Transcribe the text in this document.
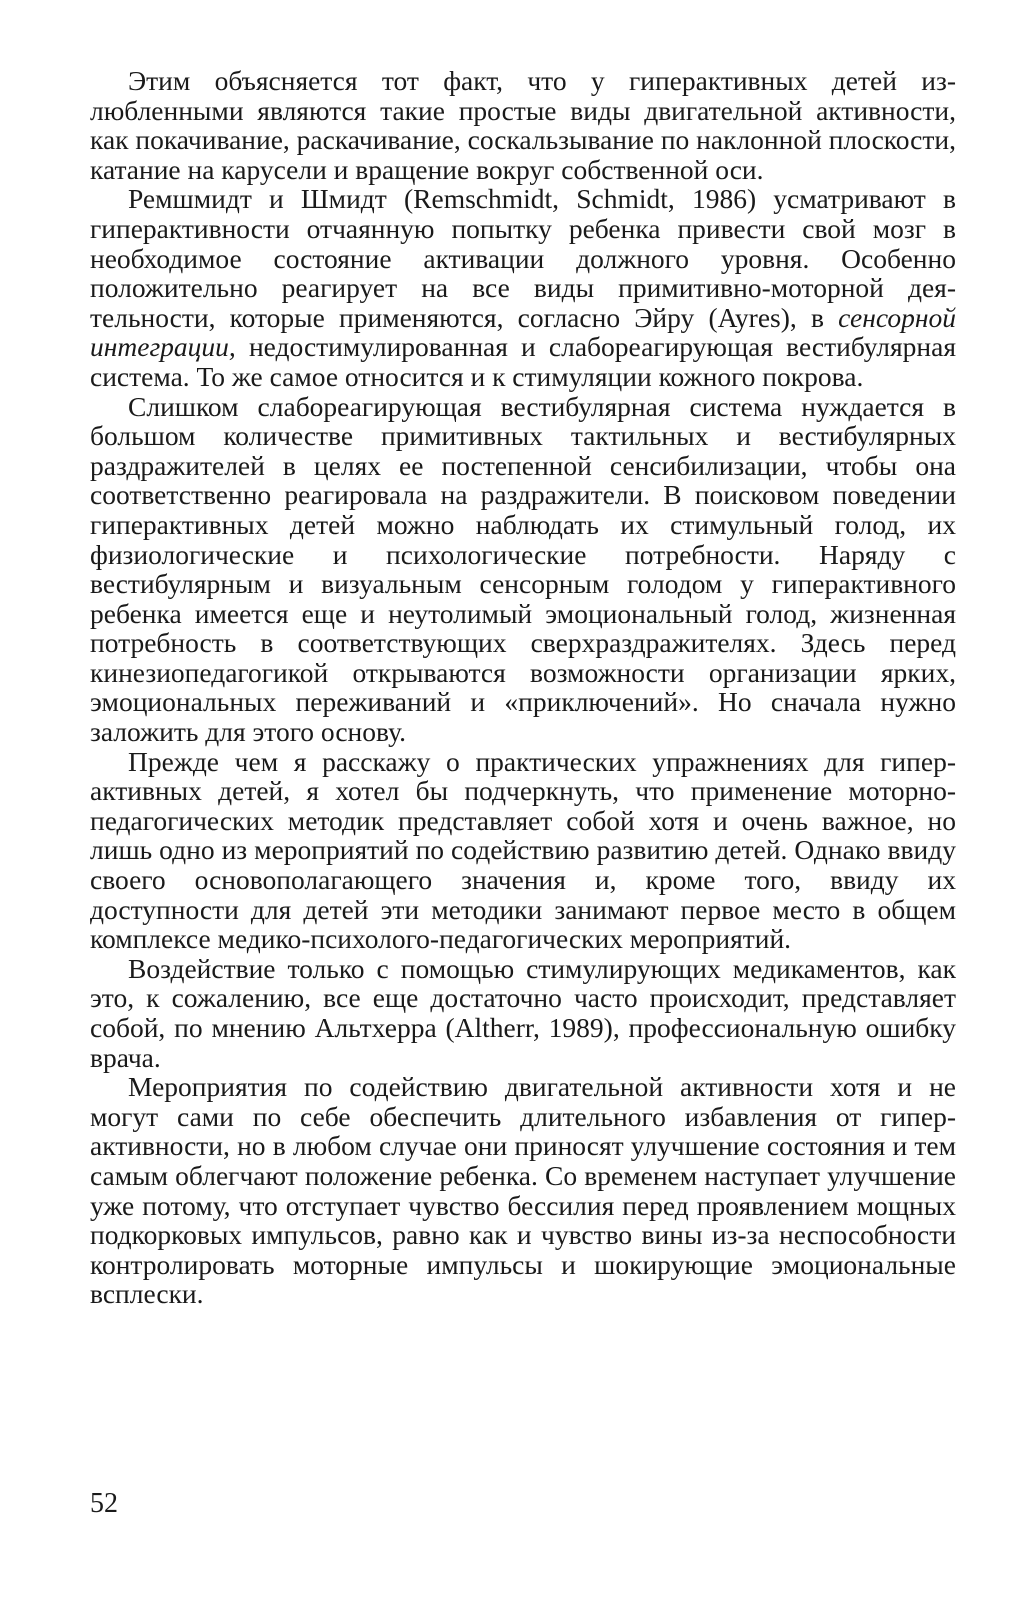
Этим объясняется тот факт, что у гиперактивных детей излюбленными являются такие простые виды двигательной активности, как покачивание, раскачивание, соскальзывание по наклонной плоскости, катание на карусели и вращение вокруг собственной оси.

Ремшмидт и Шмидт (Remschmidt, Schmidt, 1986) усматривают в гиперактивности отчаянную попытку ребенка привести свой мозг в необходимое состояние активации должного уровня. Особенно положительно реагирует на все виды примитивно-моторной деятельности, которые применяются, согласно Эйру (Ayres), в сенсорной интеграции, недостимулированная и слабореагирующая вестибулярная система. То же самое относится и к стимуляции кожного покрова.

Слишком слабореагирующая вестибулярная система нуждается в большом количестве примитивных тактильных и вестибулярных раздражителей в целях ее постепенной сенсибилизации, чтобы она соответственно реагировала на раздражители. В поисковом поведении гиперактивных детей можно наблюдать их стимульный голод, их физиологические и психологические потребности. Наряду с вестибулярным и визуальным сенсорным голодом у гиперактивного ребенка имеется еще и неутолимый эмоциональный голод, жизненная потребность в соответствующих сверхраздражителях. Здесь перед кинезиопедагогикой открываются возможности организации ярких, эмоциональных переживаний и «приключений». Но сначала нужно заложить для этого основу.

Прежде чем я расскажу о практических упражнениях для гиперактивных детей, я хотел бы подчеркнуть, что применение моторно-педагогических методик представляет собой хотя и очень важное, но лишь одно из мероприятий по содействию развитию детей. Однако ввиду своего основополагающего значения и, кроме того, ввиду их доступности для детей эти методики занимают первое место в общем комплексе медико-психолого-педагогических мероприятий.

Воздействие только с помощью стимулирующих медикаментов, как это, к сожалению, все еще достаточно часто происходит, представляет собой, по мнению Альтхерра (Altherr, 1989), профессиональную ошибку врача.

Мероприятия по содействию двигательной активности хотя и не могут сами по себе обеспечить длительного избавления от гиперактивности, но в любом случае они приносят улучшение состояния и тем самым облегчают положение ребенка. Со временем наступает улучшение уже потому, что отступает чувство бессилия перед проявлением мощных подкорковых импульсов, равно как и чувство вины из-за неспособности контролировать моторные импульсы и шокирующие эмоциональные всплески.

52
